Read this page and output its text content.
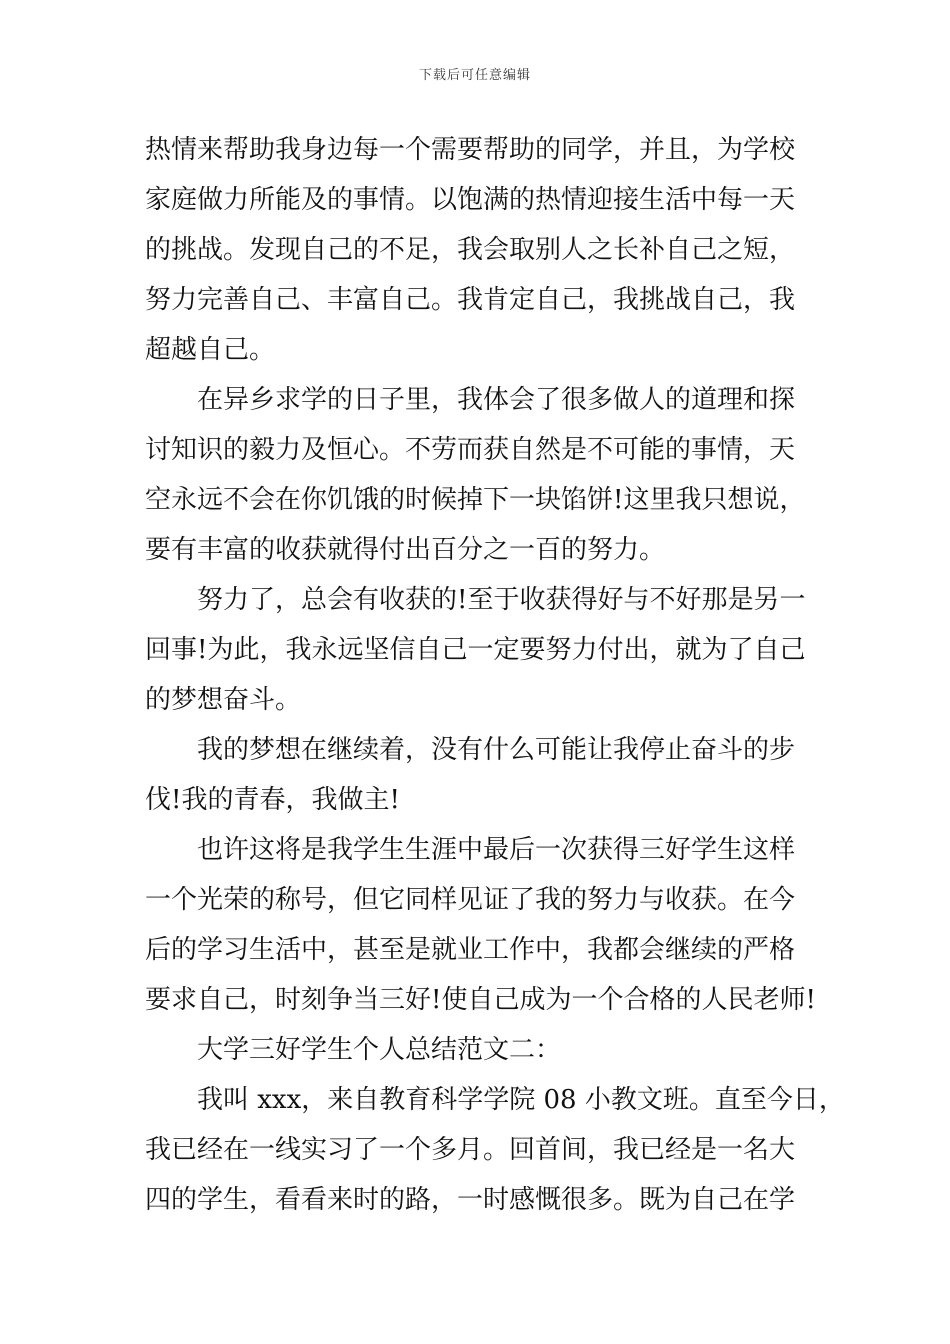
下载后可任意编辑
热情来帮助我身边每一个需要帮助的同学，并且，为学校
家庭做力所能及的事情。以饱满的热情迎接生活中每一天
的挑战。发现自己的不足，我会取别人之长补自己之短，
努力完善自己、丰富自己。我肯定自己，我挑战自己，我
超越自己。
在异乡求学的日子里，我体会了很多做人的道理和探
讨知识的毅力及恒心。不劳而获自然是不可能的事情，天
空永远不会在你饥饿的时候掉下一块馅饼!这里我只想说，
要有丰富的收获就得付出百分之一百的努力。
努力了，总会有收获的!至于收获得好与不好那是另一
回事!为此，我永远坚信自己一定要努力付出，就为了自己
的梦想奋斗。
我的梦想在继续着，没有什么可能让我停止奋斗的步
伐!我的青春，我做主!
也许这将是我学生生涯中最后一次获得三好学生这样
一个光荣的称号，但它同样见证了我的努力与收获。在今
后的学习生活中，甚至是就业工作中，我都会继续的严格
要求自己，时刻争当三好!使自己成为一个合格的人民老师!
大学三好学生个人总结范文二：
我叫 xxx，来自教育科学学院 08 小教文班。直至今日，
我已经在一线实习了一个多月。回首间，我已经是一名大
四的学生，看看来时的路，一时感慨很多。既为自己在学
